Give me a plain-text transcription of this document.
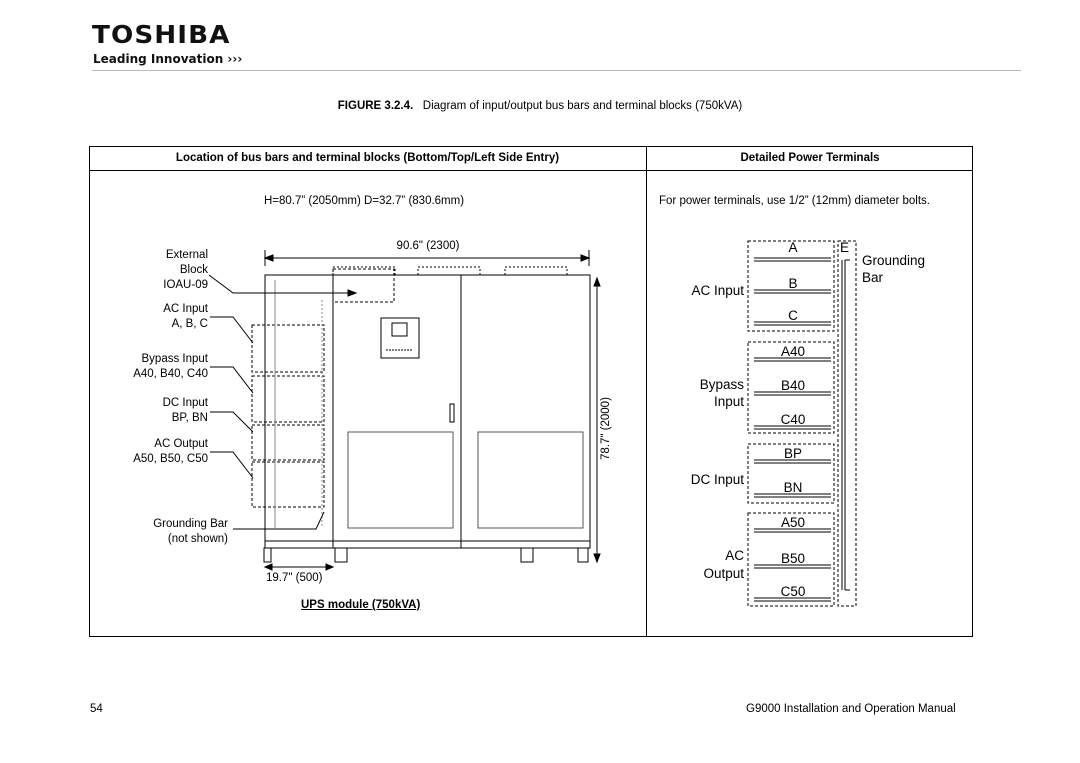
TOSHIBA
Leading Innovation ›››
FIGURE 3.2.4. Diagram of input/output bus bars and terminal blocks (750kVA)
Location of bus bars and terminal blocks (Bottom/Top/Left Side Entry)	Detailed Power Terminals
H=80.7” (2050mm) D=32.7” (830.6mm)
90.6" (2300)
78.7" (2000)
19.7" (500)
External
Block
IOAU-09
AC Input
A, B, C
Bypass Input
A40, B40, C40
DC Input
BP, BN
AC Output
A50, B50, C50
Grounding Bar
(not shown)
UPS module (750kVA)
For power terminals, use 1/2” (12mm) diameter bolts.
A
B
C
A40
B40
C40
BP
BN
A50
B50
C50
E
Grounding
Bar
AC Input
Bypass
Input
DC Input
AC
Output
54	G9000 Installation and Operation Manual
